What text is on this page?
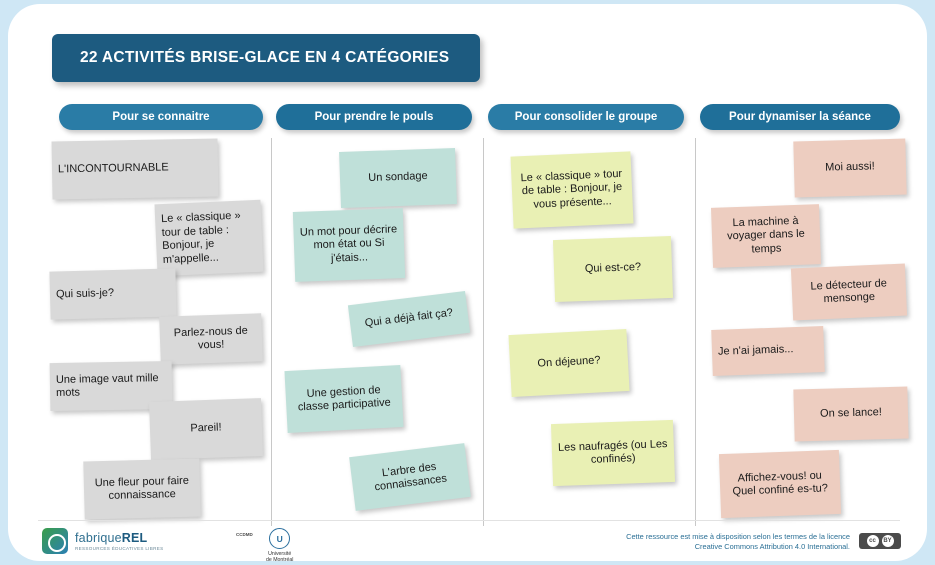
22 ACTIVITÉS BRISE-GLACE EN 4 CATÉGORIES
Pour se connaitre	Pour prendre le pouls	Pour consolider le groupe	Pour dynamiser la séance
L'INCONTOURNABLE
Le « classique » tour de table : Bonjour, je m'appelle...
Qui suis-je?
Parlez-nous de vous!
Une image vaut mille mots
Pareil!
Une fleur pour faire connaissance
Un sondage
Un mot pour décrire mon état ou Si j'étais...
Qui a déjà fait ça?
Une gestion de classe participative
L'arbre des connaissances
Le « classique » tour de table : Bonjour, je vous présente...
Qui est-ce?
On déjeune?
Les naufragés (ou Les confinés)
Moi aussi!
La machine à voyager dans le temps
Le détecteur de mensonge
Je n'ai jamais...
On se lance!
Affichez-vous! ou Quel confiné es-tu?
fabriqueREL
RESSOURCES ÉDUCATIVES LIBRES
CCDMD	U
Université
de Montréal
Cette ressource est mise à disposition selon les termes de la licence Creative Commons Attribution 4.0 International.
cc BY
